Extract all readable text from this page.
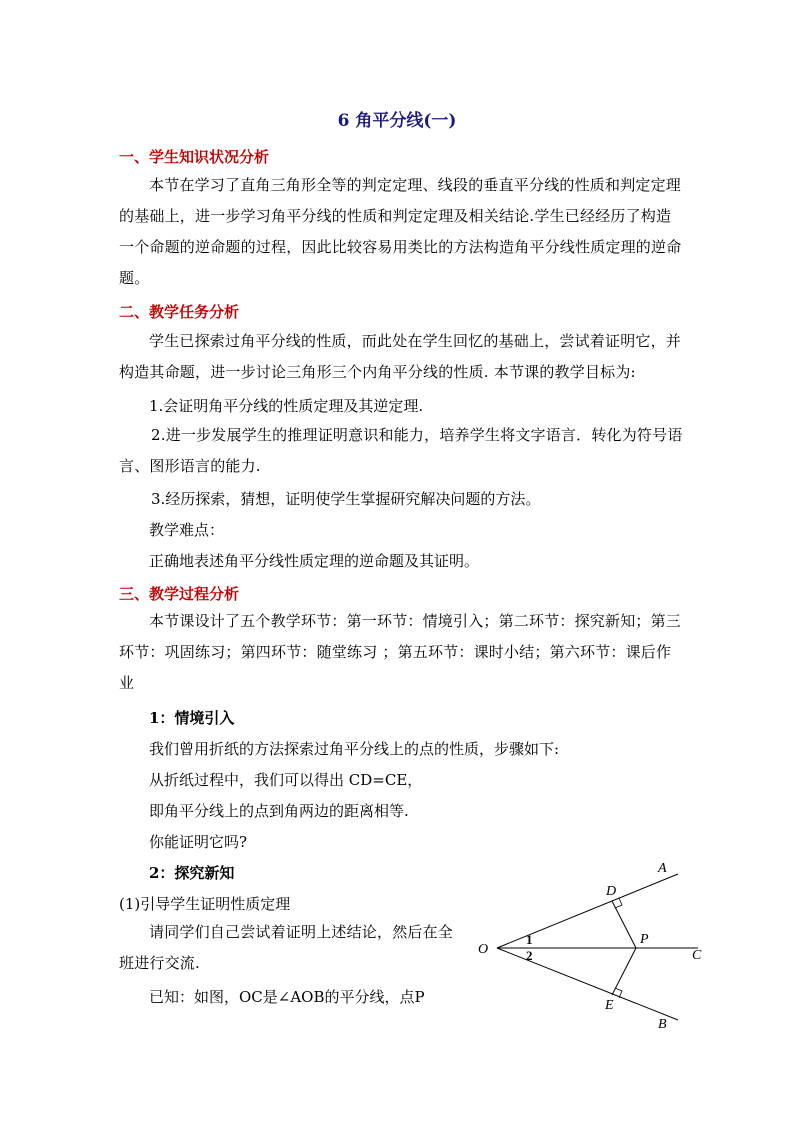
6 角平分线(一)
一、学生知识状况分析
本节在学习了直角三角形全等的判定定理、线段的垂直平分线的性质和判定定理的基础上，进一步学习角平分线的性质和判定定理及相关结论.学生已经经历了构造一个命题的逆命题的过程，因此比较容易用类比的方法构造角平分线性质定理的逆命题。
二、教学任务分析
学生已探索过角平分线的性质，而此处在学生回忆的基础上，尝试着证明它，并构造其命题，进一步讨论三角形三个内角平分线的性质. 本节课的教学目标为:
1.会证明角平分线的性质定理及其逆定理.
2.进一步发展学生的推理证明意识和能力，培养学生将文字语言．转化为符号语言、图形语言的能力.
3.经历探索，猜想，证明使学生掌握研究解决问题的方法。
教学难点：
正确地表述角平分线性质定理的逆命题及其证明。
三、教学过程分析
本节课设计了五个教学环节：第一环节：情境引入；第二环节：探究新知；第三环节：巩固练习；第四环节：随堂练习 ；第五环节：课时小结；第六环节：课后作业
1：情境引入
我们曾用折纸的方法探索过角平分线上的点的性质，步骤如下:
从折纸过程中，我们可以得出 CD=CE，
即角平分线上的点到角两边的距离相等.
你能证明它吗?
2：探究新知
(1)引导学生证明性质定理
请同学们自己尝试着证明上述结论，然后在全班进行交流.
已知：如图，OC是∠AOB的平分线，点P
O
A
B
C
D
E
P
1
2
